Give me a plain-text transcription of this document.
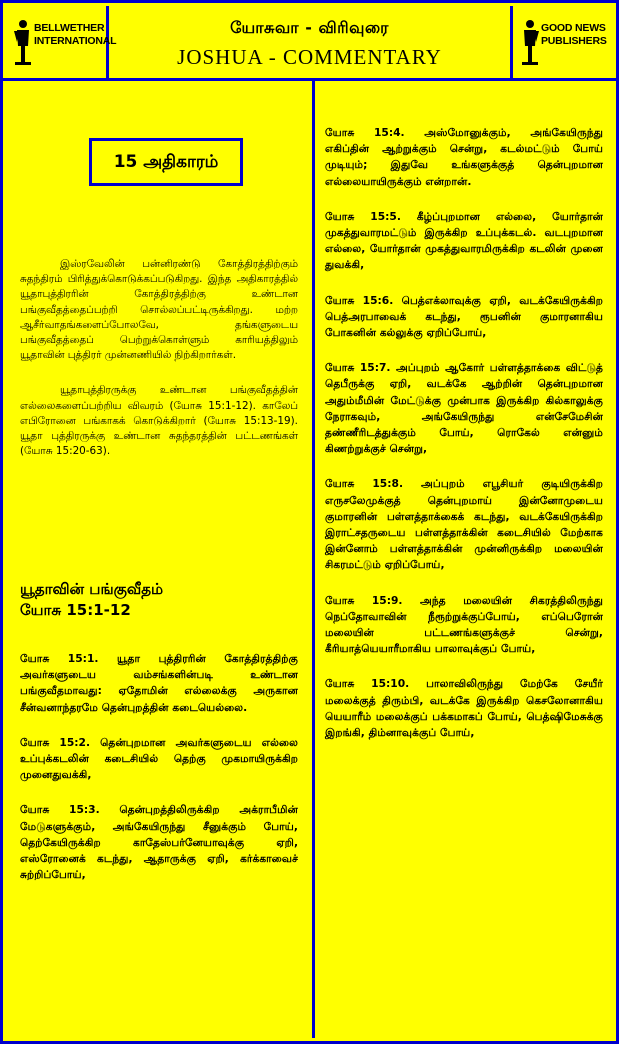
BELLWETHER
INTERNATIONAL
யோசுவா - விரிவுரை
JOSHUA - COMMENTARY
GOOD NEWS
PUBLISHERS
15 அதிகாரம்

இஸ்ரவேலின் பன்னிரண்டு கோத்திரத்திற்கும் சுதந்திரம் பிரித்துக்கொடுக்கப்படுகிறது. இந்த அதிகாரத்தில் யூதாபுத்திரரின் கோத்திரத்திற்கு உண்டான பங்குவீதத்தைப்பற்றி சொல்லப்பட்டிருக்கிறது. மற்ற ஆசீர்வாதங்களைப்போலவே, தங்களுடைய பங்குவீதத்தைப் பெற்றுக்கொள்ளும் காரியத்திலும் யூதாவின் புத்திரர் முன்னணியில் நிற்கிறார்கள்.

யூதாபுத்திரருக்கு உண்டான பங்குவீதத்தின் எல்லைகளைப்பற்றிய விவரம் (யோசு 15:1-12). காலேப் எபிரோனை பங்காகக் கொடுக்கிறார் (யோசு 15:13-19). யூதா புத்திரருக்கு உண்டான சுதந்தரத்தின் பட்டணங்கள் (யோசு 15:20-63).

யூதாவின் பங்குவீதம்
யோசு 15:1-12

யோசு 15:1. யூதா புத்திரரின் கோத்திரத்திற்கு அவர்களுடைய வம்சங்களின்படி உண்டான பங்குவீதமாவது: ஏதோமின் எல்லைக்கு அருகான சீன்வனாந்தரமே தென்புறத்தின் கடையெல்லை.

யோசு 15:2. தென்புறமான அவர்களுடைய எல்லை உப்புக்கடலின் கடைசியில் தெற்கு முகமாயிருக்கிற முனைதுவக்கி,

யோசு 15:3. தென்புறத்திலிருக்கிற அக்ராபீமின் மேடுகளுக்கும், அங்கேயிருந்து சீனுக்கும் போய், தெற்கேயிருக்கிற காதேஸ்பர்னேயாவுக்கு ஏறி, எஸ்ரோனைக் கடந்து, ஆதாருக்கு ஏறி, கர்க்காவைச் சுற்றிப்போய்,

யோசு 15:4. அஸ்மோனுக்கும், அங்கேயிருந்து எகிப்தின் ஆற்றுக்கும் சென்று, கடல்மட்டும் போய் முடியும்; இதுவே உங்களுக்குத் தென்புறமான எல்லையாயிருக்கும் என்றான்.

யோசு 15:5. கீழ்ப்புறமான எல்லை, யோர்தான் முகத்துவாரமட்டும் இருக்கிற உப்புக்கடல். வடபுறமான எல்லை, யோர்தான் முகத்துவாரமிருக்கிற கடலின் முனை துவக்கி,

யோசு 15:6. பெத்எக்லாவுக்கு ஏறி, வடக்கேயிருக்கிற பெத்அரபாவைக் கடந்து, ரூபனின் குமாரனாகிய போகனின் கல்லுக்கு ஏறிப்போய்,

யோசு 15:7. அப்புறம் ஆகோர் பள்ளத்தாக்கை விட்டுத் தெபீருக்கு ஏறி, வடக்கே ஆற்றின் தென்புறமான அதும்மீமின் மேட்டுக்கு முன்பாக இருக்கிற கில்காலுக்கு நேராகவும், அங்கேயிருந்து என்சேமேசின் தண்ணீரிடத்துக்கும் போய், ரொகேல் என்னும் கிணற்றுக்குச் சென்று,

யோசு 15:8. அப்புறம் எபூசியர் குடியிருக்கிற எருசலேமுக்குத் தென்புறமாய் இன்னோமுடைய குமாரனின் பள்ளத்தாக்கைக் கடந்து, வடக்கேயிருக்கிற இராட்சதருடைய பள்ளத்தாக்கின் கடைசியில் மேற்காக இன்னோம் பள்ளத்தாக்கின் முன்னிருக்கிற மலையின் சிகரமட்டும் ஏறிப்போய்,

யோசு 15:9. அந்த மலையின் சிகரத்திலிருந்து நெப்தோவாவின் நீரூற்றுக்குப்போய், எப்பெரோன் மலையின் பட்டணங்களுக்குச் சென்று, கீரியாத்யெயாரீமாகிய பாலாவுக்குப் போய்,

யோசு 15:10. பாலாவிலிருந்து மேற்கே சேயீர் மலைக்குத் திரும்பி, வடக்கே இருக்கிற கெசலோனாகிய யெயாரீம் மலைக்குப் பக்கமாகப் போய், பெத்ஷிமேசுக்கு இறங்கி, திம்னாவுக்குப் போய்,
